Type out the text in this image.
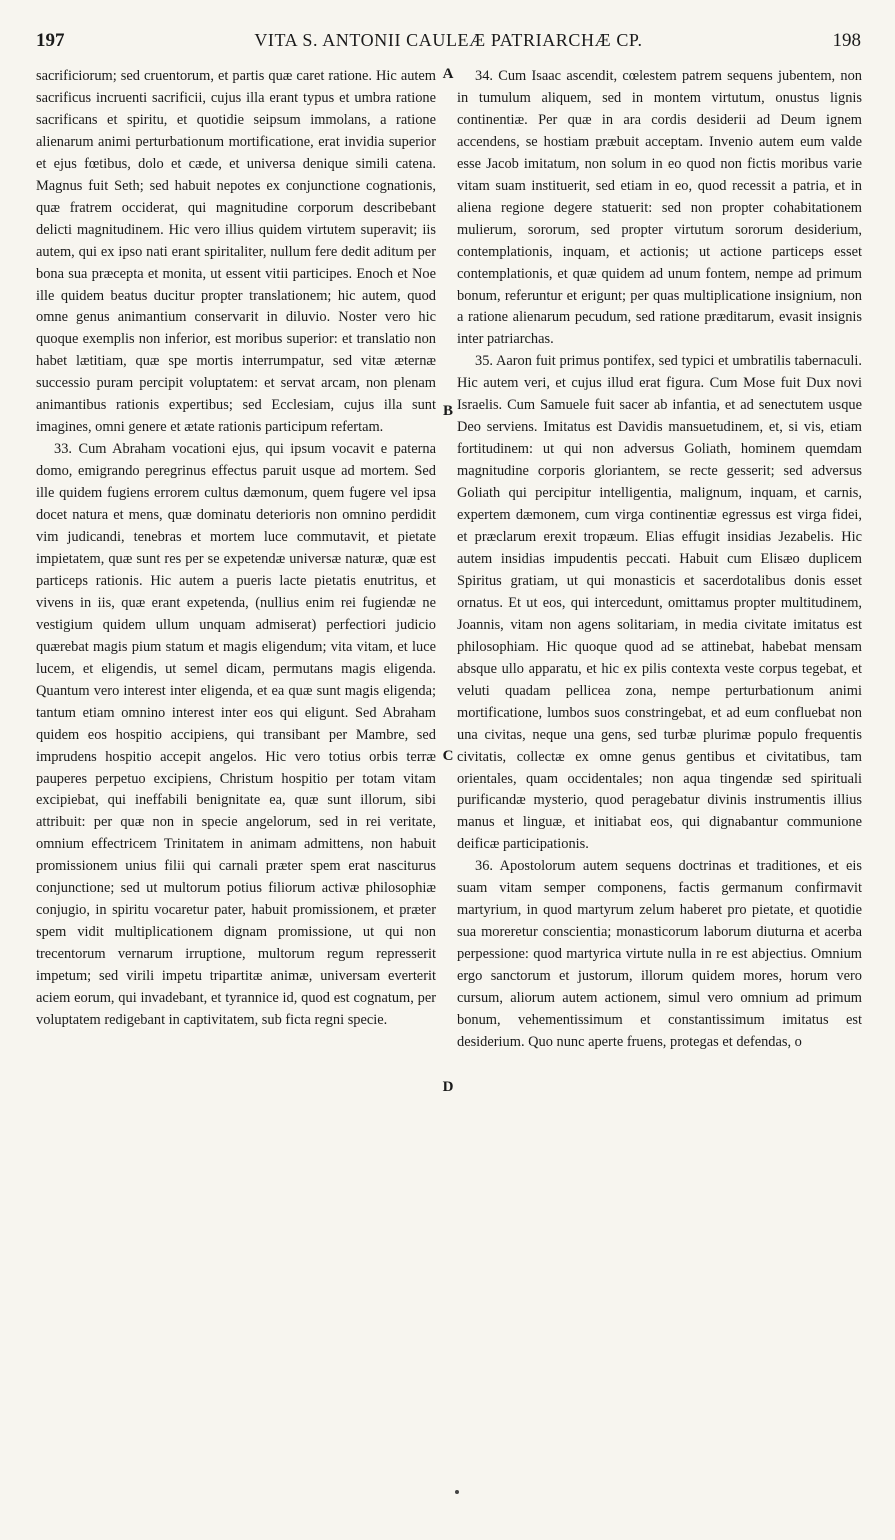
197	VITA S. ANTONII CAULEÆ PATRIARCHÆ CP.	198

sacrificiorum; sed cruentorum, et partis quæ caret ratione. Hic autem sacrificus incruenti sacrificii, cujus illa erant typus et umbra ratione sacrificans et spiritu, et quotidie seipsum immolans, a ratione alienarum animi perturbationum mortificatione, erat invidia superior et ejus fœtibus, dolo et cæde, et universa denique simili catena. Magnus fuit Seth; sed habuit nepotes ex conjunctione cognationis, quæ fratrem occiderat, qui magnitudine corporum describebant delicti magnitudinem. Hic vero illius quidem virtutem superavit; iis autem, qui ex ipso nati erant spiritaliter, nullum fere dedit aditum per bona sua præcepta et monita, ut essent vitii participes. Enoch et Noe ille quidem beatus ducitur propter translationem; hic autem, quod omne genus animantium conservarit in diluvio. Noster vero hic quoque exemplis non inferior, est moribus superior: et translatio non habet lætitiam, quæ spe mortis interrumpatur, sed vitæ æternæ successio puram percipit voluptatem: et servat arcam, non plenam animantibus rationis expertibus; sed Ecclesiam, cujus illa sunt imagines, omni genere et ætate rationis participum refertam.

33. Cum Abraham vocationi ejus, qui ipsum vocavit e paterna domo, emigrando peregrinus effectus paruit usque ad mortem. Sed ille quidem fugiens errorem cultus dæmonum, quem fugere vel ipsa docet natura et mens, quæ dominatu deterioris non omnino perdidit vim judicandi, tenebras et mortem luce commutavit, et pietate impietatem, quæ sunt res per se expetendæ universæ naturæ, quæ est particeps rationis. Hic autem a pueris lacte pietatis enutritus, et vivens in iis, quæ erant expetenda, (nullius enim rei fugiendæ ne vestigium quidem ullum unquam admiserat) perfectiori judicio quærebat magis pium statum et magis eligendum; vita vitam, et luce lucem, et eligendis, ut semel dicam, permutans magis eligenda. Quantum vero interest inter eligenda, et ea quæ sunt magis eligenda; tantum etiam omnino interest inter eos qui eligunt. Sed Abraham quidem eos hospitio accipiens, qui transibant per Mambre, sed imprudens hospitio accepit angelos. Hic vero totius orbis terræ pauperes perpetuo excipiens, Christum hospitio per totam vitam excipiebat, qui ineffabili benignitate ea, quæ sunt illorum, sibi attribuit: per quæ non in specie angelorum, sed in rei veritate, omnium effectricem Trinitatem in animam admittens, non habuit promissionem unius filii qui carnali præter spem erat nasciturus conjunctione; sed ut multorum potius filiorum activæ philosophiæ conjugio, in spiritu vocaretur pater, habuit promissionem, et præter spem vidit multiplicationem dignam promissione, ut qui non trecentorum vernarum irruptione, multorum regum represserit impetum; sed virili impetu tripartitæ animæ, universam everterit aciem eorum, qui invadebant, et tyrannice id, quod est cognatum, per voluptatem redigebant in captivitatem, sub ficta regni specie.

34. Cum Isaac ascendit, cœlestem patrem sequens jubentem, non in tumulum aliquem, sed in montem virtutum, onustus lignis continentiæ. Per quæ in ara cordis desiderii ad Deum ignem accendens, se hostiam præbuit acceptam. Invenio autem eum valde esse Jacob imitatum, non solum in eo quod non fictis moribus varie vitam suam instituerit, sed etiam in eo, quod recessit a patria, et in aliena regione degere statuerit: sed non propter cohabitationem mulierum, sororum, sed propter virtutum sororum desiderium, contemplationis, inquam, et actionis; ut actione particeps esset contemplationis, et quæ quidem ad unum fontem, nempe ad primum bonum, referuntur et erigunt; per quas multiplicatione insignium, non a ratione alienarum pecudum, sed ratione præditarum, evasit insignis inter patriarchas.

35. Aaron fuit primus pontifex, sed typici et umbratilis tabernaculi. Hic autem veri, et cujus illud erat figura. Cum Mose fuit Dux novi Israelis. Cum Samuele fuit sacer ab infantia, et ad senectutem usque Deo serviens. Imitatus est Davidis mansuetudinem, et, si vis, etiam fortitudinem: ut qui non adversus Goliath, hominem quemdam magnitudine corporis gloriantem, se recte gesserit; sed adversus Goliath qui percipitur intelligentia, malignum, inquam, et carnis, expertem dæmonem, cum virga continentiæ egressus est virga fidei, et præclarum erexit tropæum. Elias effugit insidias Jezabelis. Hic autem insidias impudentis peccati. Habuit cum Elisæo duplicem Spiritus gratiam, ut qui monasticis et sacerdotalibus donis esset ornatus. Et ut eos, qui intercedunt, omittamus propter multitudinem, Joannis, vitam non agens solitariam, in media civitate imitatus est philosophiam. Hic quoque quod ad se attinebat, habebat mensam absque ullo apparatu, et hic ex pilis contexta veste corpus tegebat, et veluti quadam pellicea zona, nempe perturbationum animi mortificatione, lumbos suos constringebat, et ad eum confluebat non una civitas, neque una gens, sed turbæ plurimæ populo frequentis civitatis, collectæ ex omne genus gentibus et civitatibus, tam orientales, quam occidentales; non aqua tingendæ sed spirituali purificandæ mysterio, quod peragebatur divinis instrumentis illius manus et linguæ, et initiabat eos, qui dignabantur communione deificæ participationis.

36. Apostolorum autem sequens doctrinas et traditiones, et eis suam vitam semper componens, factis germanum confirmavit martyrium, in quod martyrum zelum haberet pro pietate, et quotidie sua moreretur conscientia; monasticorum laborum diuturna et acerba perpessione: quod martyrica virtute nulla in re est abjectius. Omnium ergo sanctorum et justorum, illorum quidem mores, horum vero cursum, aliorum autem actionem, simul vero omnium ad primum bonum, vehementissimum et constantissimum imitatus est desiderium. Quo nunc aperte fruens, protegas et defendas, o

A
B
C
D
